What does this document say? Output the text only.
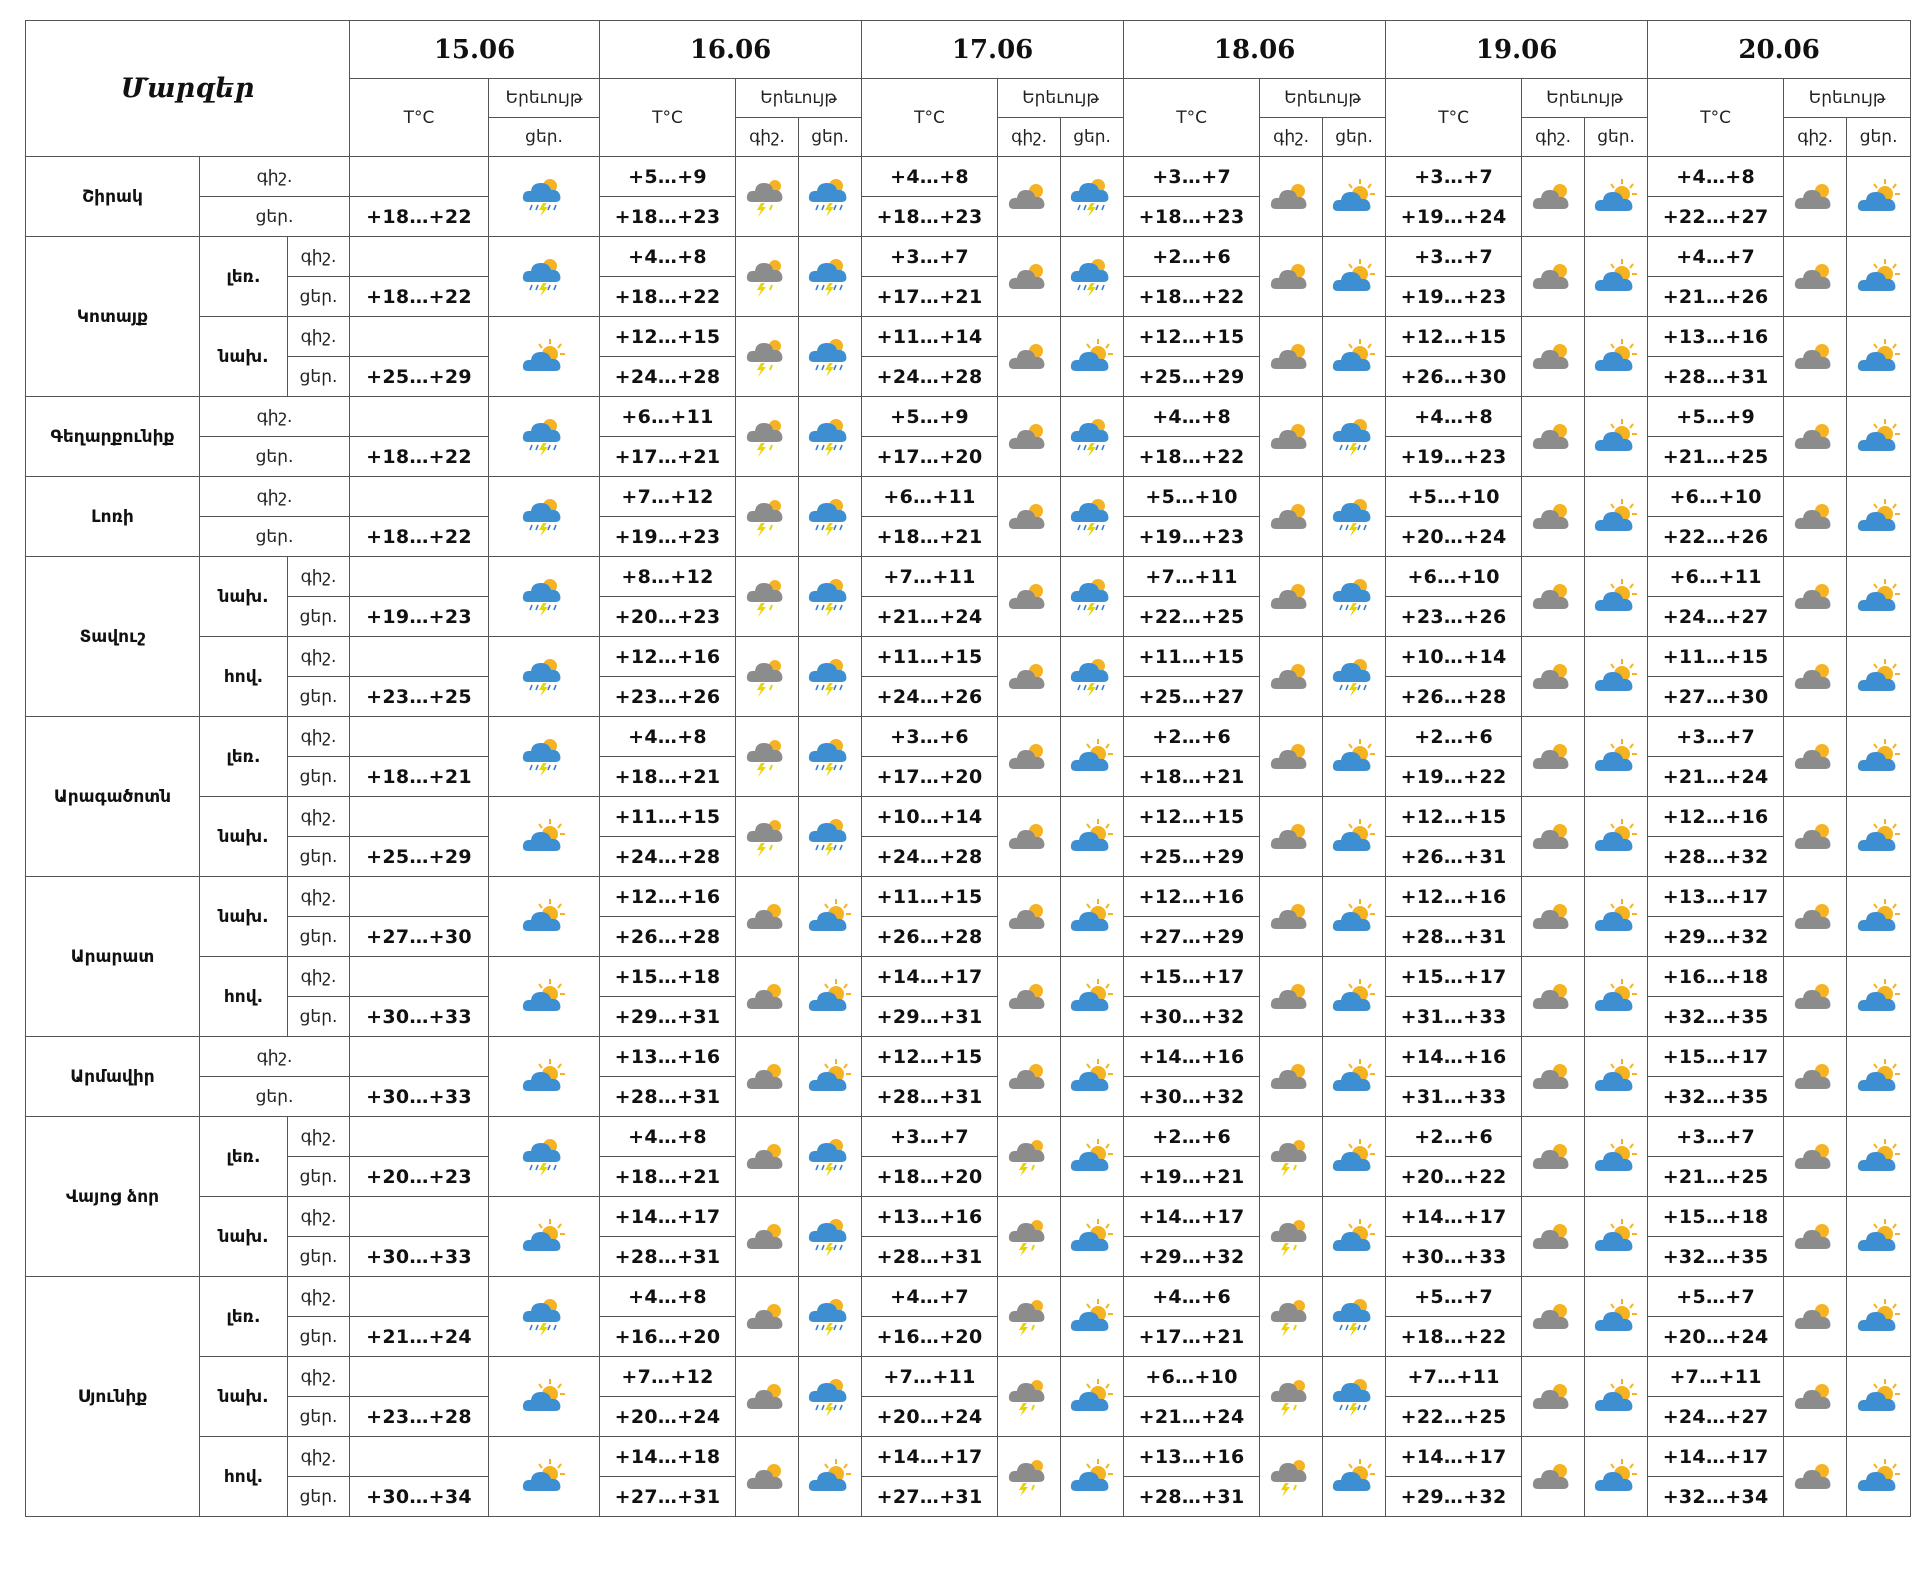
Մարզեր			15.06		16.06			17.06			18.06			19.06			20.06		
			T°C	Երեւույթ	T°C	Երեւույթ		T°C	Երեւույթ		T°C	Երեւույթ		T°C	Երեւույթ		T°C	Երեւույթ	
				ցեր.		գիշ.	ցեր.		գիշ.	ցեր.		գիշ.	ցեր.		գիշ.	ցեր.		գիշ.	ցեր.
Շիրակ	գիշ.				+5…+9			+4…+8			+3…+7			+3…+7			+4…+8	

	ցեր.		+18…+22		+18…+23			+18…+23			+18…+23			+19…+24			+22…+27		
Կոտայք	լեռ.	գիշ.			+4…+8			+3…+7			+2…+6			+3…+7			+4…+7	

		ցեր.	+18…+22		+18…+22			+17…+21			+18…+22			+19…+23			+21…+26		
	նախ.	գիշ.			+12…+15			+11…+14			+12…+15			+12…+15			+13…+16	

		ցեր.	+25…+29		+24…+28			+24…+28			+25…+29			+26…+30			+28…+31		
Գեղարքունիք	գիշ.				+6…+11			+5…+9			+4…+8			+4…+8			+5…+9	

	ցեր.		+18…+22		+17…+21			+17…+20			+18…+22			+19…+23			+21…+25		
Լոռի	գիշ.				+7…+12			+6…+11			+5…+10			+5…+10			+6…+10	

	ցեր.		+18…+22		+19…+23			+18…+21			+19…+23			+20…+24			+22…+26		
Տավուշ	նախ.	գիշ.			+8…+12			+7…+11			+7…+11			+6…+10			+6…+11	

		ցեր.	+19…+23		+20…+23			+21…+24			+22…+25			+23…+26			+24…+27		
	հով.	գիշ.			+12…+16			+11…+15			+11…+15			+10…+14			+11…+15	

		ցեր.	+23…+25		+23…+26			+24…+26			+25…+27			+26…+28			+27…+30		
Արագածոտն	լեռ.	գիշ.			+4…+8			+3…+6			+2…+6			+2…+6			+3…+7	

		ցեր.	+18…+21		+18…+21			+17…+20			+18…+21			+19…+22			+21…+24		
	նախ.	գիշ.			+11…+15			+10…+14			+12…+15			+12…+15			+12…+16	

		ցեր.	+25…+29		+24…+28			+24…+28			+25…+29			+26…+31			+28…+32		
Արարատ	նախ.	գիշ.			+12…+16			+11…+15			+12…+16			+12…+16			+13…+17	

		ցեր.	+27…+30		+26…+28			+26…+28			+27…+29			+28…+31			+29…+32		
	հով.	գիշ.			+15…+18			+14…+17			+15…+17			+15…+17			+16…+18	

		ցեր.	+30…+33		+29…+31			+29…+31			+30…+32			+31…+33			+32…+35		
Արմավիր	գիշ.				+13…+16			+12…+15			+14…+16			+14…+16			+15…+17	

	ցեր.		+30…+33		+28…+31			+28…+31			+30…+32			+31…+33			+32…+35		
Վայոց ձոր	լեռ.	գիշ.			+4…+8			+3…+7			+2…+6			+2…+6			+3…+7	

		ցեր.	+20…+23		+18…+21			+18…+20			+19…+21			+20…+22			+21…+25		
	նախ.	գիշ.			+14…+17			+13…+16			+14…+17			+14…+17			+15…+18	

		ցեր.	+30…+33		+28…+31			+28…+31			+29…+32			+30…+33			+32…+35		
Սյունիք	լեռ.	գիշ.			+4…+8			+4…+7			+4…+6			+5…+7			+5…+7	

		ցեր.	+21…+24		+16…+20			+16…+20			+17…+21			+18…+22			+20…+24		
	նախ.	գիշ.			+7…+12			+7…+11			+6…+10			+7…+11			+7…+11	

		ցեր.	+23…+28		+20…+24			+20…+24			+21…+24			+22…+25			+24…+27		
	հով.	գիշ.			+14…+18			+14…+17			+13…+16			+14…+17			+14…+17	

		ցեր.	+30…+34		+27…+31			+27…+31			+28…+31			+29…+32			+32…+34		
